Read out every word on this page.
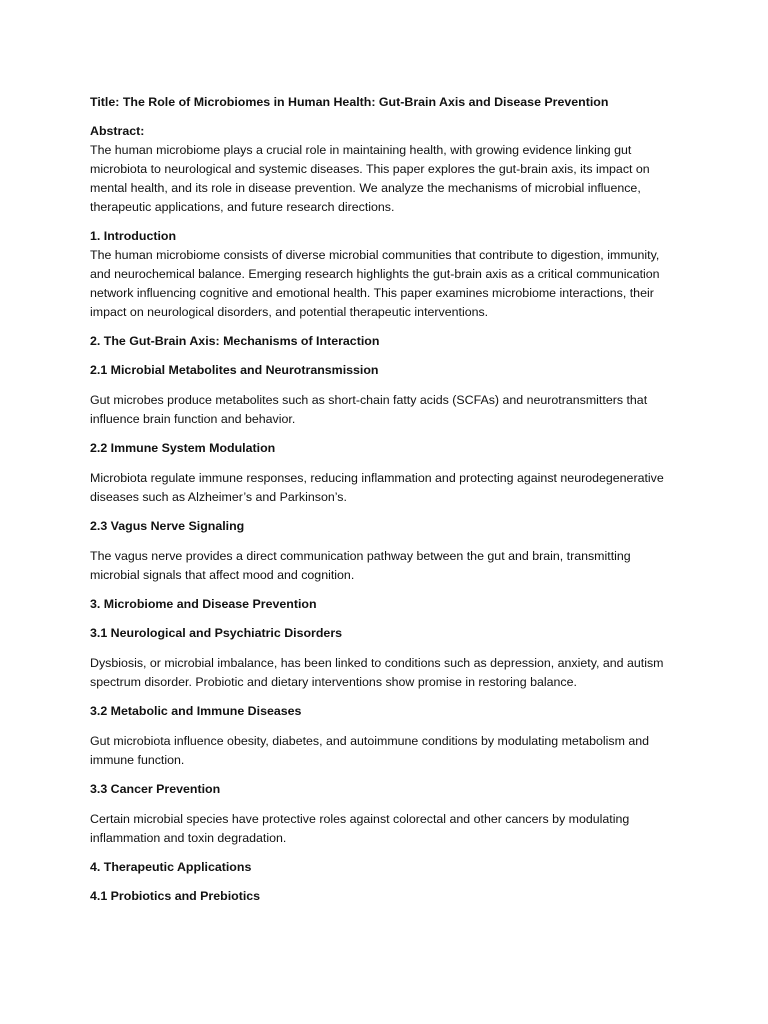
Title: The Role of Microbiomes in Human Health: Gut-Brain Axis and Disease Prevention

Abstract:

The human microbiome plays a crucial role in maintaining health, with growing evidence linking gut microbiota to neurological and systemic diseases. This paper explores the gut-brain axis, its impact on mental health, and its role in disease prevention. We analyze the mechanisms of microbial influence, therapeutic applications, and future research directions.

1. Introduction

The human microbiome consists of diverse microbial communities that contribute to digestion, immunity, and neurochemical balance. Emerging research highlights the gut-brain axis as a critical communication network influencing cognitive and emotional health. This paper examines microbiome interactions, their impact on neurological disorders, and potential therapeutic interventions.

2. The Gut-Brain Axis: Mechanisms of Interaction

2.1 Microbial Metabolites and Neurotransmission

Gut microbes produce metabolites such as short-chain fatty acids (SCFAs) and neurotransmitters that influence brain function and behavior.

2.2 Immune System Modulation

Microbiota regulate immune responses, reducing inflammation and protecting against neurodegenerative diseases such as Alzheimer’s and Parkinson’s.

2.3 Vagus Nerve Signaling

The vagus nerve provides a direct communication pathway between the gut and brain, transmitting microbial signals that affect mood and cognition.

3. Microbiome and Disease Prevention

3.1 Neurological and Psychiatric Disorders

Dysbiosis, or microbial imbalance, has been linked to conditions such as depression, anxiety, and autism spectrum disorder. Probiotic and dietary interventions show promise in restoring balance.

3.2 Metabolic and Immune Diseases

Gut microbiota influence obesity, diabetes, and autoimmune conditions by modulating metabolism and immune function.

3.3 Cancer Prevention

Certain microbial species have protective roles against colorectal and other cancers by modulating inflammation and toxin degradation.

4. Therapeutic Applications

4.1 Probiotics and Prebiotics
